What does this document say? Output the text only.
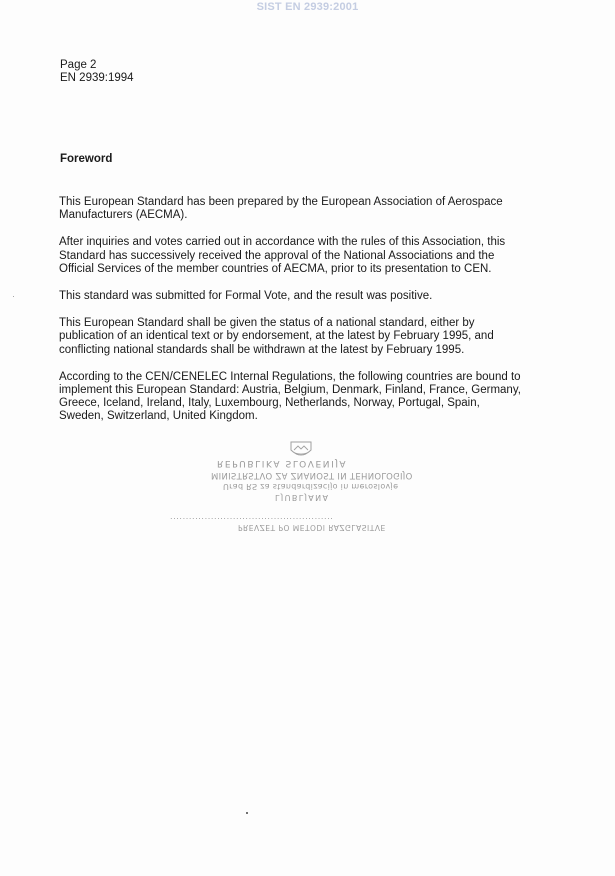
SIST EN 2939:2001
Page 2
EN 2939:1994
Foreword

This European Standard has been prepared by the European Association of Aerospace Manufacturers (AECMA).

After inquiries and votes carried out in accordance with the rules of this Association, this Standard has successively received the approval of the National Associations and the Official Services of the member countries of AECMA, prior to its presentation to CEN.

This standard was submitted for Formal Vote, and the result was positive.

This European Standard shall be given the status of a national standard, either by publication of an identical text or by endorsement, at the latest by February 1995, and conflicting national standards shall be withdrawn at the latest by February 1995.

According to the CEN/CENELEC Internal Regulations, the following countries are bound to implement this European Standard: Austria, Belgium, Denmark, Finland, France, Germany, Greece, Iceland, Ireland, Italy, Luxembourg, Netherlands, Norway, Portugal, Spain, Sweden, Switzerland, United Kingdom.

REPUBLIKA SLOVENIJA
MINISTRSTVO ZA ZNANOST IN TEHNOLOGIJO
Urad RS za standardizacijo in meroslovje
LJUBLJANA
....................................................
PREVZET PO METODI RAZGLASITVE
